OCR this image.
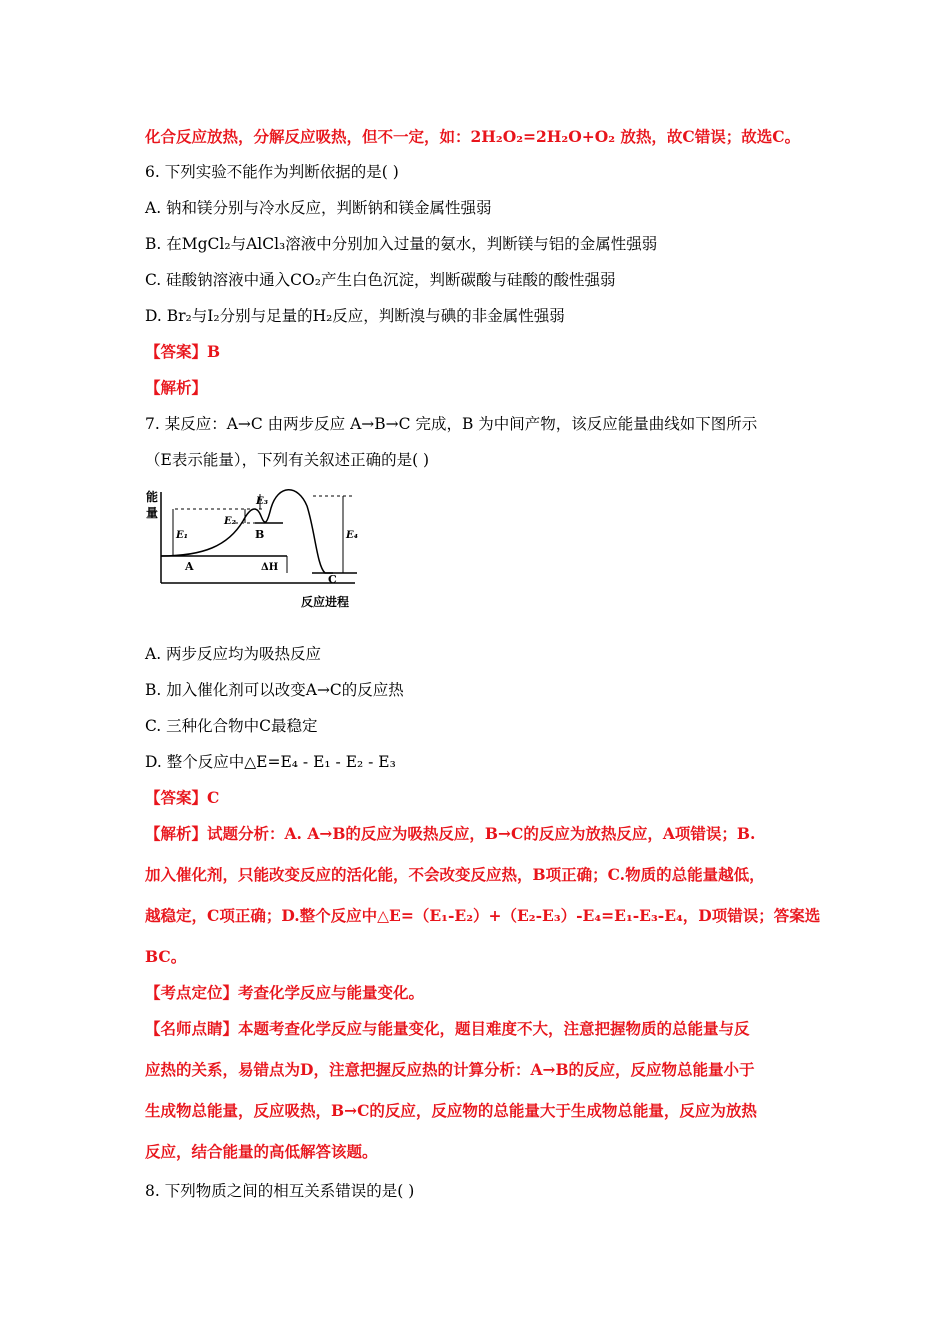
化合反应放热，分解反应吸热，但不一定，如：2H₂O₂=2H₂O+O₂ 放热，故C错误；故选C。
6. 下列实验不能作为判断依据的是( )
A. 钠和镁分别与冷水反应，判断钠和镁金属性强弱
B. 在MgCl₂与AlCl₃溶液中分别加入过量的氨水，判断镁与铝的金属性强弱
C. 硅酸钠溶液中通入CO₂产生白色沉淀，判断碳酸与硅酸的酸性强弱
D. Br₂与I₂分别与足量的H₂反应，判断溴与碘的非金属性强弱
【答案】B
【解析】
7. 某反应：A→C 由两步反应 A→B→C 完成，B 为中间产物，该反应能量曲线如下图所示
（E表示能量），下列有关叙述正确的是( )
能
量
反应进程
E₁
E₂
E₃
E₄
A
B
C
ΔH
A. 两步反应均为吸热反应
B. 加入催化剂可以改变A→C的反应热
C. 三种化合物中C最稳定
D. 整个反应中△E=E₄ - E₁ - E₂ - E₃
【答案】C
【解析】试题分析：A. A→B的反应为吸热反应，B→C的反应为放热反应，A项错误；B.
加入催化剂，只能改变反应的活化能，不会改变反应热，B项正确；C.物质的总能量越低，
越稳定，C项正确；D.整个反应中△E=（E₁-E₂）+（E₂-E₃）-E₄=E₁-E₃-E₄，D项错误；答案选
BC。
【考点定位】考查化学反应与能量变化。
【名师点睛】本题考查化学反应与能量变化，题目难度不大，注意把握物质的总能量与反
应热的关系，易错点为D，注意把握反应热的计算分析：A→B的反应，反应物总能量小于
生成物总能量，反应吸热，B→C的反应，反应物的总能量大于生成物总能量，反应为放热
反应，结合能量的高低解答该题。
8. 下列物质之间的相互关系错误的是( )
